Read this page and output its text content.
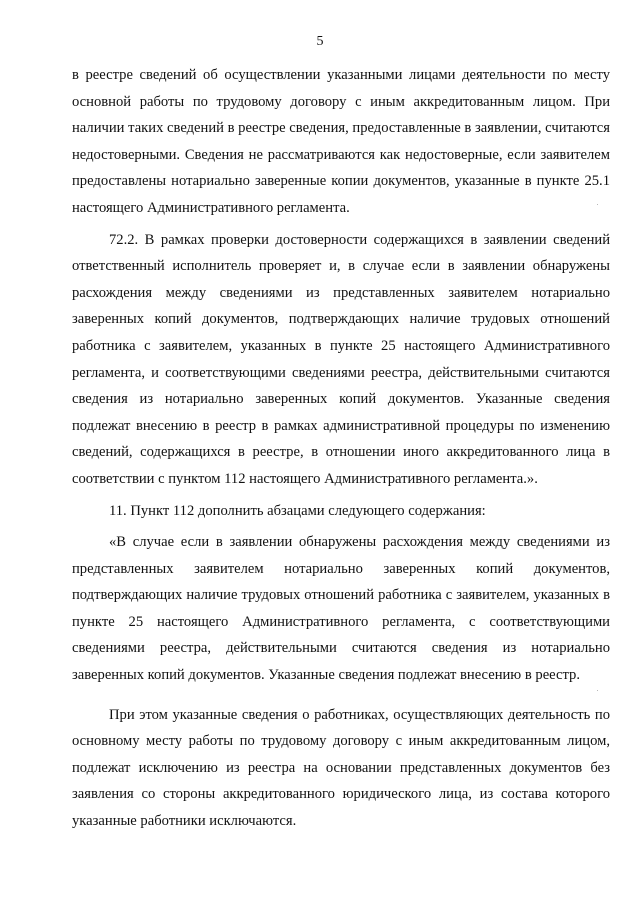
5

в реестре сведений об осуществлении указанными лицами деятельности по месту основной работы по трудовому договору с иным аккредитованным лицом. При наличии таких сведений в реестре сведения, предоставленные в заявлении, считаются недостоверными. Сведения не рассматриваются как недостоверные, если заявителем предоставлены нотариально заверенные копии документов, указанные в пункте 25.1 настоящего Административного регламента.

72.2. В рамках проверки достоверности содержащихся в заявлении сведений ответственный исполнитель проверяет и, в случае если в заявлении обнаружены расхождения между сведениями из представленных заявителем нотариально заверенных копий документов, подтверждающих наличие трудовых отношений работника с заявителем, указанных в пункте 25 настоящего Административного регламента, и соответствующими сведениями реестра, действительными считаются сведения из нотариально заверенных копий документов. Указанные сведения подлежат внесению в реестр в рамках административной процедуры по изменению сведений, содержащихся в реестре, в отношении иного аккредитованного лица в соответствии с пунктом 112 настоящего Административного регламента.».

11. Пункт 112 дополнить абзацами следующего содержания:

«В случае если в заявлении обнаружены расхождения между сведениями из представленных заявителем нотариально заверенных копий документов, подтверждающих наличие трудовых отношений работника с заявителем, указанных в пункте 25 настоящего Административного регламента, с соответствующими сведениями реестра, действительными считаются сведения из нотариально заверенных копий документов. Указанные сведения подлежат внесению в реестр.

При этом указанные сведения о работниках, осуществляющих деятельность по основному месту работы по трудовому договору с иным аккредитованным лицом, подлежат исключению из реестра на основании представленных документов без заявления со стороны аккредитованного юридического лица, из состава которого указанные работники исключаются.
